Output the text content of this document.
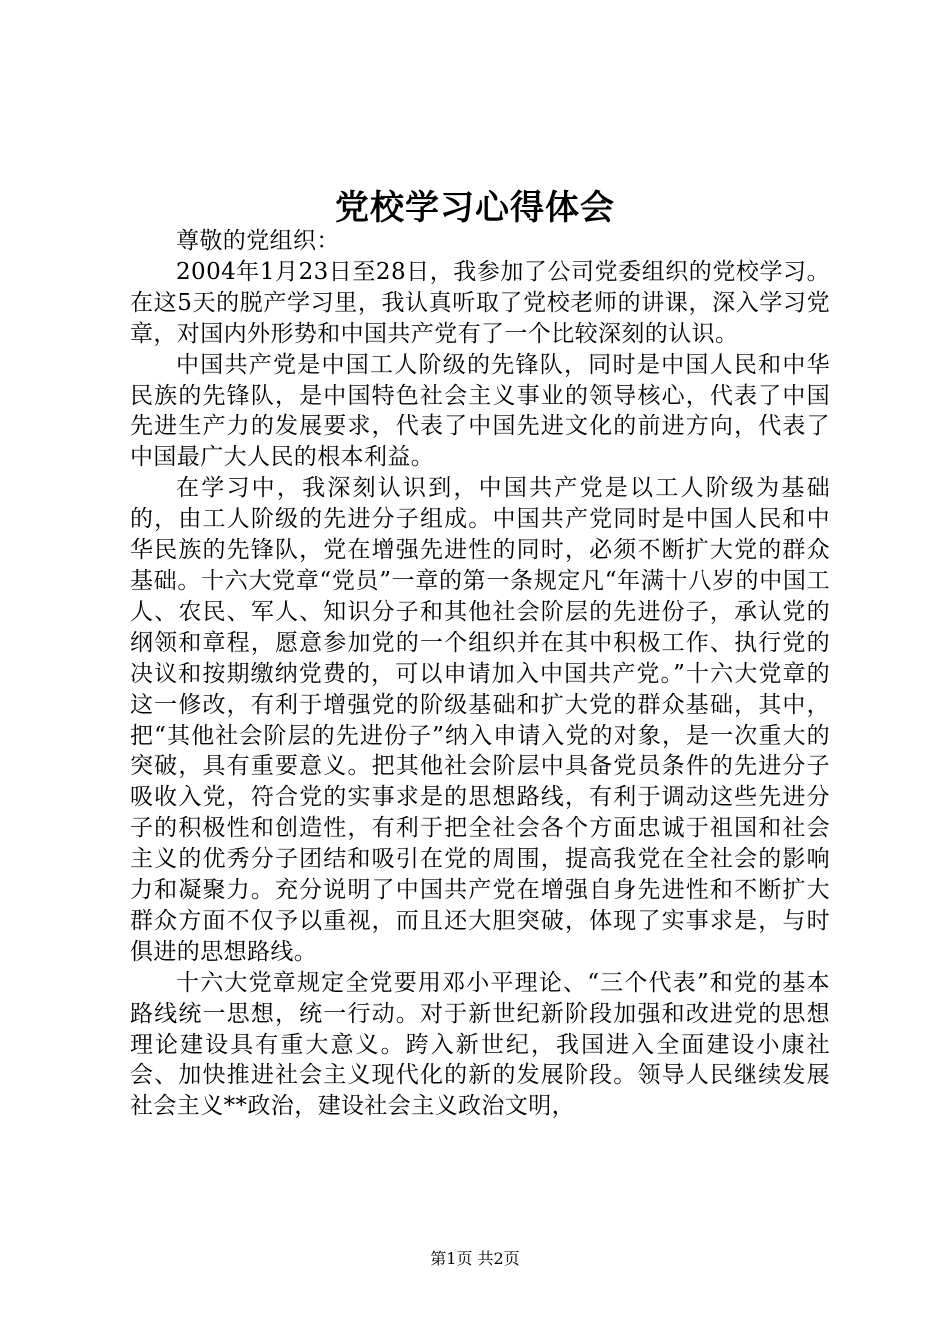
党校学习心得体会

尊敬的党组织：

2004年1月23日至28日，我参加了公司党委组织的党校学习。在这5天的脱产学习里，我认真听取了党校老师的讲课，深入学习党章，对国内外形势和中国共产党有了一个比较深刻的认识。

中国共产党是中国工人阶级的先锋队，同时是中国人民和中华民族的先锋队，是中国特色社会主义事业的领导核心，代表了中国先进生产力的发展要求，代表了中国先进文化的前进方向，代表了中国最广大人民的根本利益。

在学习中，我深刻认识到，中国共产党是以工人阶级为基础的，由工人阶级的先进分子组成。中国共产党同时是中国人民和中华民族的先锋队，党在增强先进性的同时，必须不断扩大党的群众基础。十六大党章“党员”一章的第一条规定凡“年满十八岁的中国工人、农民、军人、知识分子和其他社会阶层的先进份子，承认党的纲领和章程，愿意参加党的一个组织并在其中积极工作、执行党的决议和按期缴纳党费的，可以申请加入中国共产党。”十六大党章的这一修改，有利于增强党的阶级基础和扩大党的群众基础，其中，把“其他社会阶层的先进份子”纳入申请入党的对象，是一次重大的突破，具有重要意义。把其他社会阶层中具备党员条件的先进分子吸收入党，符合党的实事求是的思想路线，有利于调动这些先进分子的积极性和创造性，有利于把全社会各个方面忠诚于祖国和社会主义的优秀分子团结和吸引在党的周围，提高我党在全社会的影响力和凝聚力。充分说明了中国共产党在增强自身先进性和不断扩大群众方面不仅予以重视，而且还大胆突破，体现了实事求是，与时俱进的思想路线。

十六大党章规定全党要用邓小平理论、“三个代表”和党的基本路线统一思想，统一行动。对于新世纪新阶段加强和改进党的思想理论建设具有重大意义。跨入新世纪，我国进入全面建设小康社会、加快推进社会主义现代化的新的发展阶段。领导人民继续发展社会主义**政治，建设社会主义政治文明，

第1页 共2页
